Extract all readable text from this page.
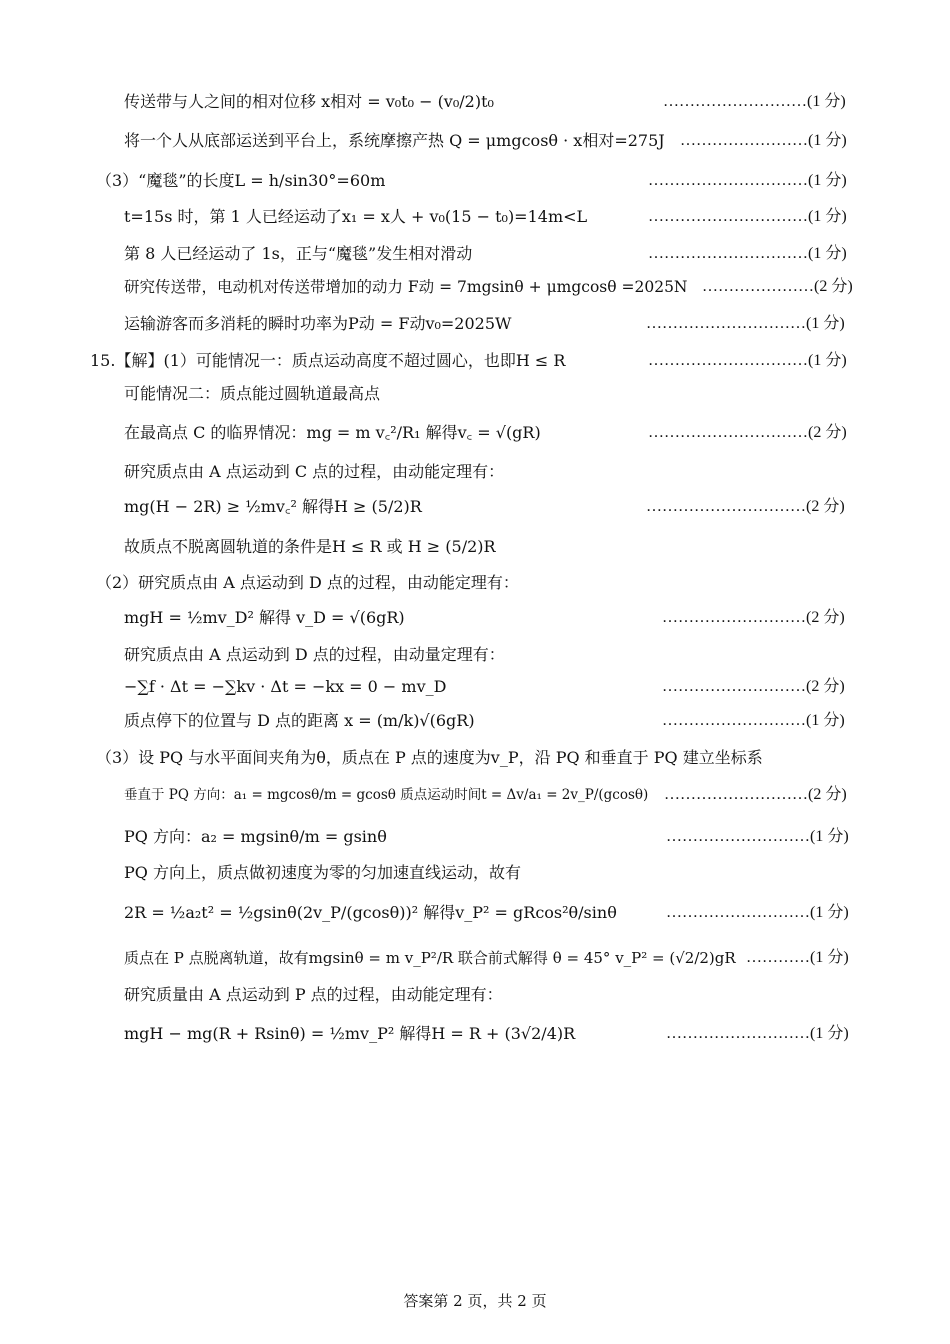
传送带与人之间的相对位移 x相对 = v₀t₀ − (v₀/2)t₀	………………………(1 分)
将一个人从底部运送到平台上，系统摩擦产热 Q = μmgcosθ · x相对=275J ……………………(1 分)
（3）“魔毯”的长度L = h/sin30°=60m	…………………………(1 分)
t=15s 时，第 1 人已经运动了x₁ = x人 + v₀(15 − t₀)=14m<L	…………………………(1 分)
第 8 人已经运动了 1s，正与“魔毯”发生相对滑动	…………………………(1 分)
研究传送带，电动机对传送带增加的动力 F动 = 7mgsinθ + μmgcosθ =2025N …………………(2 分)
运输游客而多消耗的瞬时功率为P动 = F动v₀=2025W	…………………………(1 分)
15.【解】(1）可能情况一：质点运动高度不超过圆心，也即H ≤ R	…………………………(1 分)
可能情况二：质点能过圆轨道最高点
在最高点 C 的临界情况：mg = m v꜀²/R₁ 解得v꜀ = √(gR)	…………………………(2 分)
研究质点由 A 点运动到 C 点的过程，由动能定理有：
mg(H − 2R) ≥ ½mv꜀² 解得H ≥ (5/2)R	…………………………(2 分)
故质点不脱离圆轨道的条件是H ≤ R 或 H ≥ (5/2)R
（2）研究质点由 A 点运动到 D 点的过程，由动能定理有：
mgH = ½mv_D² 解得 v_D = √(6gR)	………………………(2 分)
研究质点由 A 点运动到 D 点的过程，由动量定理有：
−∑f · Δt = −∑kv · Δt = −kx = 0 − mv_D	………………………(2 分)
质点停下的位置与 D 点的距离 x = (m/k)√(6gR)	………………………(1 分)
（3）设 PQ 与水平面间夹角为θ，质点在 P 点的速度为v_P，沿 PQ 和垂直于 PQ 建立坐标系
垂直于 PQ 方向：a₁ = mgcosθ/m = gcosθ 质点运动时间t = Δv/a₁ = 2v_P/(gcosθ) ………………………(2 分)
PQ 方向：a₂ = mgsinθ/m = gsinθ	………………………(1 分)
PQ 方向上，质点做初速度为零的匀加速直线运动，故有
2R = ½a₂t² = ½gsinθ(2v_P/(gcosθ))² 解得v_P² = gRcos²θ/sinθ	………………………(1 分)
质点在 P 点脱离轨道，故有mgsinθ = m v_P²/R 联合前式解得 θ = 45° v_P² = (√2/2)gR …………(1 分)
研究质量由 A 点运动到 P 点的过程，由动能定理有：
mgH − mg(R + Rsinθ) = ½mv_P² 解得H = R + (3√2/4)R	………………………(1 分)
答案第 2 页，共 2 页
